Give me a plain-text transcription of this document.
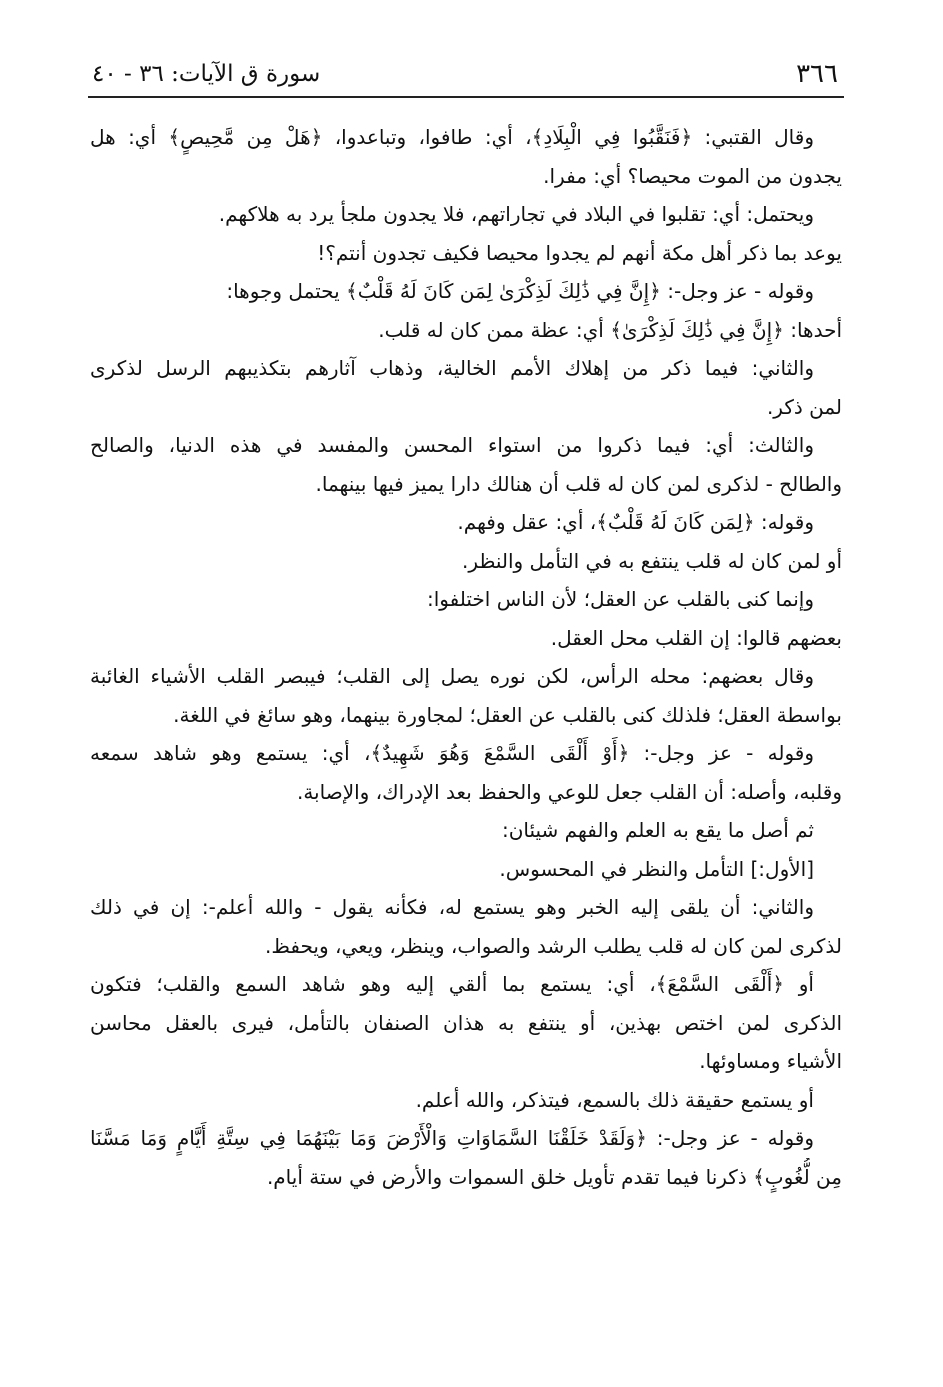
٣٦٦
سورة ق الآيات: ٣٦ - ٤٠
وقال القتبي: ﴿فَنَقَّبُوا فِي الْبِلَادِ﴾، أي: طافوا، وتباعدوا، ﴿هَلْ مِن مَّحِيصٍ﴾ أي: هل
يجدون من الموت محيصا؟ أي: مفرا.
ويحتمل: أي: تقلبوا في البلاد في تجاراتهم، فلا يجدون ملجأ يرد به هلاكهم.
يوعد بما ذكر أهل مكة أنهم لم يجدوا محيصا فكيف تجدون أنتم؟!
وقوله - عز وجل-: ﴿إِنَّ فِي ذَٰلِكَ لَذِكْرَىٰ لِمَن كَانَ لَهُ قَلْبٌ﴾ يحتمل وجوها:
أحدها: ﴿إِنَّ فِي ذَٰلِكَ لَذِكْرَىٰ﴾ أي: عظة ممن كان له قلب.
والثاني: فيما ذكر من إهلاك الأمم الخالية، وذهاب آثارهم بتكذيبهم الرسل لذكرى
لمن ذكر.
والثالث: أي: فيما ذكروا من استواء المحسن والمفسد في هذه الدنيا، والصالح
والطالح - لذكرى لمن كان له قلب أن هنالك دارا يميز فيها بينهما.
وقوله: ﴿لِمَن كَانَ لَهُ قَلْبٌ﴾، أي: عقل وفهم.
أو لمن كان له قلب ينتفع به في التأمل والنظر.
وإنما كنى بالقلب عن العقل؛ لأن الناس اختلفوا:
بعضهم قالوا: إن القلب محل العقل.
وقال بعضهم: محله الرأس، لكن نوره يصل إلى القلب؛ فيبصر القلب الأشياء الغائبة
بواسطة العقل؛ فلذلك كنى بالقلب عن العقل؛ لمجاورة بينهما، وهو سائغ في اللغة.
وقوله - عز وجل-: ﴿أَوْ أَلْقَى السَّمْعَ وَهُوَ شَهِيدٌ﴾، أي: يستمع وهو شاهد سمعه
وقلبه، وأصله: أن القلب جعل للوعي والحفظ بعد الإدراك، والإصابة.
ثم أصل ما يقع به العلم والفهم شيئان:
[الأول:] التأمل والنظر في المحسوس.
والثاني: أن يلقى إليه الخبر وهو يستمع له، فكأنه يقول - والله أعلم-: إن في ذلك
لذكرى لمن كان له قلب يطلب الرشد والصواب، وينظر، ويعي، ويحفظ.
أو ﴿أَلْقَى السَّمْعَ﴾، أي: يستمع بما ألقي إليه وهو شاهد السمع والقلب؛ فتكون
الذكرى لمن اختص بهذين، أو ينتفع به هذان الصنفان بالتأمل، فيرى بالعقل محاسن
الأشياء ومساوئها.
أو يستمع حقيقة ذلك بالسمع، فيتذكر، والله أعلم.
وقوله - عز وجل-: ﴿وَلَقَدْ خَلَقْنَا السَّمَاوَاتِ وَالْأَرْضَ وَمَا بَيْنَهُمَا فِي سِتَّةِ أَيَّامٍ وَمَا مَسَّنَا
مِن لُّغُوبٍ﴾ ذكرنا فيما تقدم تأويل خلق السموات والأرض في ستة أيام.
